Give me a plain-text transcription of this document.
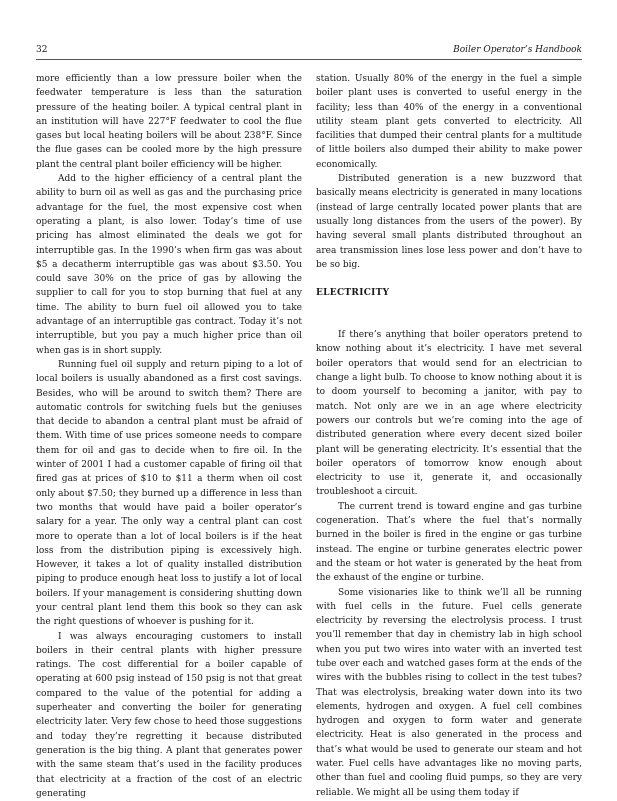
32	Boiler Operator’s Handbook

more efficiently than a low pressure boiler when the feedwater temperature is less than the saturation pressure of the heating boiler. A typical central plant in an institution will have 227°F feedwater to cool the flue gases but local heating boilers will be about 238°F. Since the flue gases can be cooled more by the high pressure plant the central plant boiler efficiency will be higher.

Add to the higher efficiency of a central plant the ability to burn oil as well as gas and the purchasing price advantage for the fuel, the most expensive cost when operating a plant, is also lower. Today’s time of use pricing has almost eliminated the deals we got for interruptible gas. In the 1990’s when firm gas was about $5 a decatherm interruptible gas was about $3.50. You could save 30% on the price of gas by allowing the supplier to call for you to stop burning that fuel at any time. The ability to burn fuel oil allowed you to take advantage of an interruptible gas contract. Today it’s not interruptible, but you pay a much higher price than oil when gas is in short supply.

Running fuel oil supply and return piping to a lot of local boilers is usually abandoned as a first cost savings. Besides, who will be around to switch them? There are automatic controls for switching fuels but the geniuses that decide to abandon a central plant must be afraid of them. With time of use prices someone needs to compare them for oil and gas to decide when to fire oil. In the winter of 2001 I had a customer capable of firing oil that fired gas at prices of $10 to $11 a therm when oil cost only about $7.50; they burned up a difference in less than two months that would have paid a boiler operator’s salary for a year. The only way a central plant can cost more to operate than a lot of local boilers is if the heat loss from the distribution piping is excessively high. However, it takes a lot of quality installed distribution piping to produce enough heat loss to justify a lot of local boilers. If your management is considering shutting down your central plant lend them this book so they can ask the right questions of whoever is pushing for it.

I was always encouraging customers to install boilers in their central plants with higher pressure ratings. The cost differential for a boiler capable of operating at 600 psig instead of 150 psig is not that great compared to the value of the potential for adding a superheater and converting the boiler for generating electricity later. Very few chose to heed those suggestions and today they’re regretting it because distributed generation is the big thing. A plant that generates power with the same steam that’s used in the facility produces that electricity at a fraction of the cost of an electric generating

station. Usually 80% of the energy in the fuel a simple boiler plant uses is converted to useful energy in the facility; less than 40% of the energy in a conventional utility steam plant gets converted to electricity. All facilities that dumped their central plants for a multitude of little boilers also dumped their ability to make power economically.

Distributed generation is a new buzzword that basically means electricity is generated in many locations (instead of large centrally located power plants that are usually long distances from the users of the power). By having several small plants distributed throughout an area transmission lines lose less power and don’t have to be so big.

ELECTRICITY

If there’s anything that boiler operators pretend to know nothing about it’s electricity. I have met several boiler operators that would send for an electrician to change a light bulb. To choose to know nothing about it is to doom yourself to becoming a janitor, with pay to match. Not only are we in an age where electricity powers our controls but we’re coming into the age of distributed generation where every decent sized boiler plant will be generating electricity. It’s essential that the boiler operators of tomorrow know enough about electricity to use it, generate it, and occasionally troubleshoot a circuit.

The current trend is toward engine and gas turbine cogeneration. That’s where the fuel that’s normally burned in the boiler is fired in the engine or gas turbine instead. The engine or turbine generates electric power and the steam or hot water is generated by the heat from the exhaust of the engine or turbine.

Some visionaries like to think we’ll all be running with fuel cells in the future. Fuel cells generate electricity by reversing the electrolysis process. I trust you’ll remember that day in chemistry lab in high school when you put two wires into water with an inverted test tube over each and watched gases form at the ends of the wires with the bubbles rising to collect in the test tubes? That was electrolysis, breaking water down into its two elements, hydrogen and oxygen. A fuel cell combines hydrogen and oxygen to form water and generate electricity. Heat is also generated in the process and that’s what would be used to generate our steam and hot water. Fuel cells have advantages like no moving parts, other than fuel and cooling fluid pumps, so they are very reliable. We might all be using them today if
